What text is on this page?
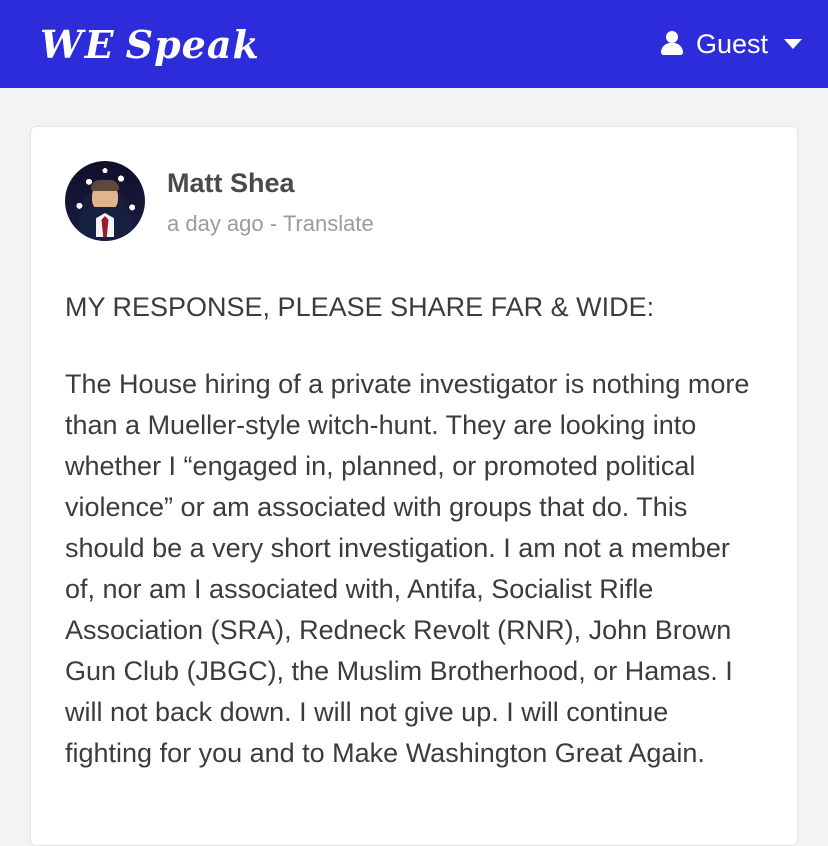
WE Speak	Guest
Matt Shea
a day ago - Translate

MY RESPONSE, PLEASE SHARE FAR & WIDE:

The House hiring of a private investigator is nothing more than a Mueller-style witch-hunt. They are looking into whether I “engaged in, planned, or promoted political violence” or am associated with groups that do. This should be a very short investigation. I am not a member of, nor am I associated with, Antifa, Socialist Rifle Association (SRA), Redneck Revolt (RNR), John Brown Gun Club (JBGC), the Muslim Brotherhood, or Hamas. I will not back down. I will not give up. I will continue fighting for you and to Make Washington Great Again.
